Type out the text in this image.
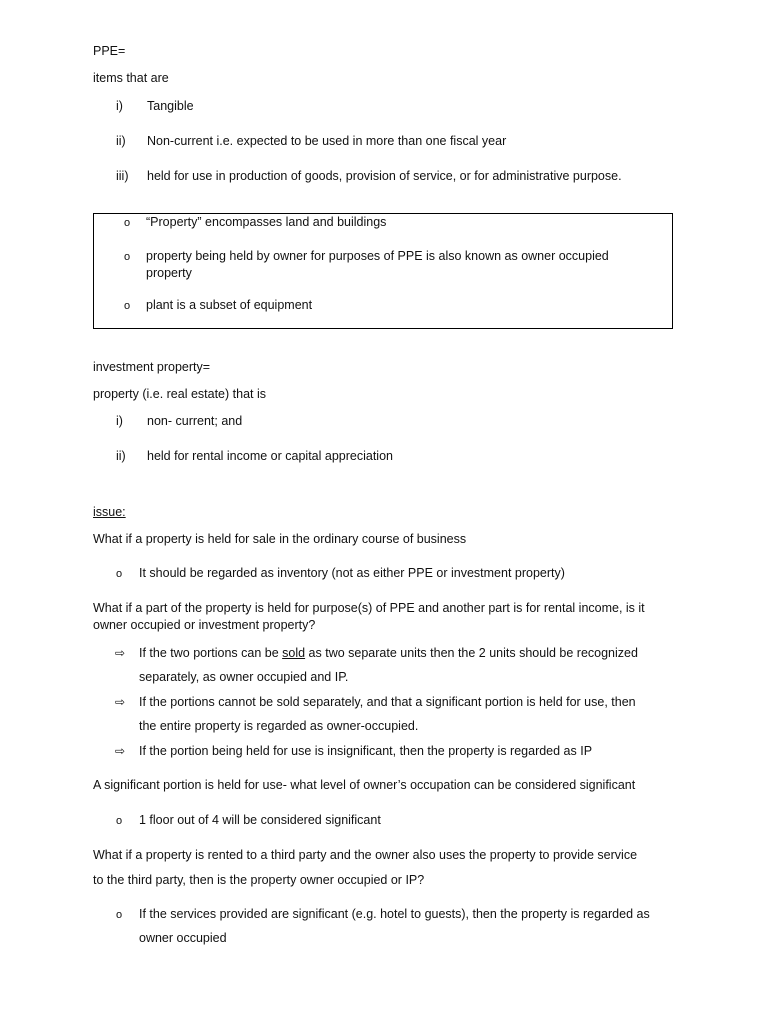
PPE=
items that are
i) Tangible
ii) Non-current i.e. expected to be used in more than one fiscal year
iii) held for use in production of goods, provision of service, or for administrative purpose.
o “Property” encompasses land and buildings
o property being held by owner for purposes of PPE is also known as owner occupied
property
o plant is a subset of equipment
investment property=
property (i.e. real estate) that is
i) non- current; and
ii) held for rental income or capital appreciation
issue:
What if a property is held for sale in the ordinary course of business
o It should be regarded as inventory (not as either PPE or investment property)
What if a part of the property is held for purpose(s) of PPE and another part is for rental income, is it
owner occupied or investment property?
⇨ If the two portions can be sold as two separate units then the 2 units should be recognized
separately, as owner occupied and IP.
⇨ If the portions cannot be sold separately, and that a significant portion is held for use, then
the entire property is regarded as owner-occupied.
⇨ If the portion being held for use is insignificant, then the property is regarded as IP
A significant portion is held for use- what level of owner’s occupation can be considered significant
o 1 floor out of 4 will be considered significant
What if a property is rented to a third party and the owner also uses the property to provide service
to the third party, then is the property owner occupied or IP?
o If the services provided are significant (e.g. hotel to guests), then the property is regarded as
owner occupied
